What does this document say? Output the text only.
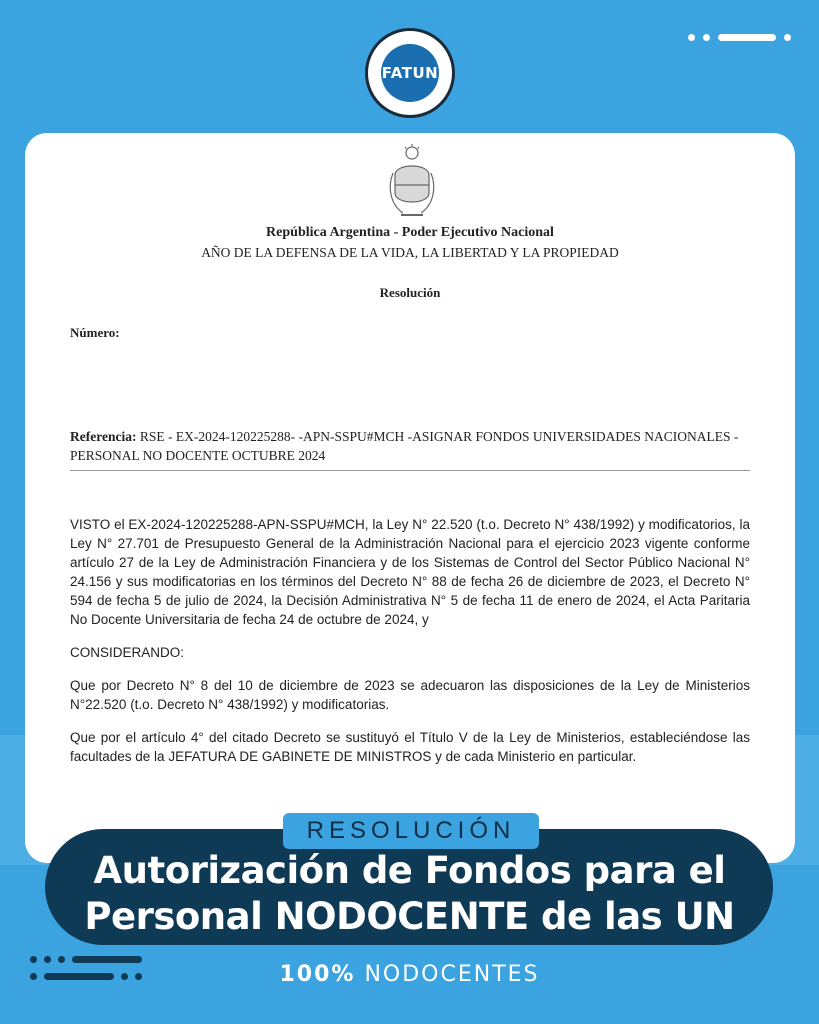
FATUN
República Argentina - Poder Ejecutivo Nacional
AÑO DE LA DEFENSA DE LA VIDA, LA LIBERTAD Y LA PROPIEDAD
Resolución
Número:
Referencia: RSE - EX-2024-120225288- -APN-SSPU#MCH -ASIGNAR FONDOS UNIVERSIDADES NACIONALES - PERSONAL NO DOCENTE OCTUBRE 2024

VISTO el EX-2024-120225288-APN-SSPU#MCH, la Ley N° 22.520 (t.o. Decreto N° 438/1992) y modificatorios, la Ley N° 27.701 de Presupuesto General de la Administración Nacional para el ejercicio 2023 vigente conforme artículo 27 de la Ley de Administración Financiera y de los Sistemas de Control del Sector Público Nacional N° 24.156 y sus modificatorias en los términos del Decreto N° 88 de fecha 26 de diciembre de 2023, el Decreto N° 594 de fecha 5 de julio de 2024, la Decisión Administrativa N° 5 de fecha 11 de enero de 2024, el Acta Paritaria No Docente Universitaria de fecha 24 de octubre de 2024, y

CONSIDERANDO:

Que por Decreto N° 8 del 10 de diciembre de 2023 se adecuaron las disposiciones de la Ley de Ministerios N°22.520 (t.o. Decreto N° 438/1992) y modificatorias.

Que por el artículo 4° del citado Decreto se sustituyó el Título V de la Ley de Ministerios, estableciéndose las facultades de la JEFATURA DE GABINETE DE MINISTROS y de cada Ministerio en particular.

RESOLUCIÓN
Autorización de Fondos para el
Personal NODOCENTE de las UN
100% NODOCENTES
